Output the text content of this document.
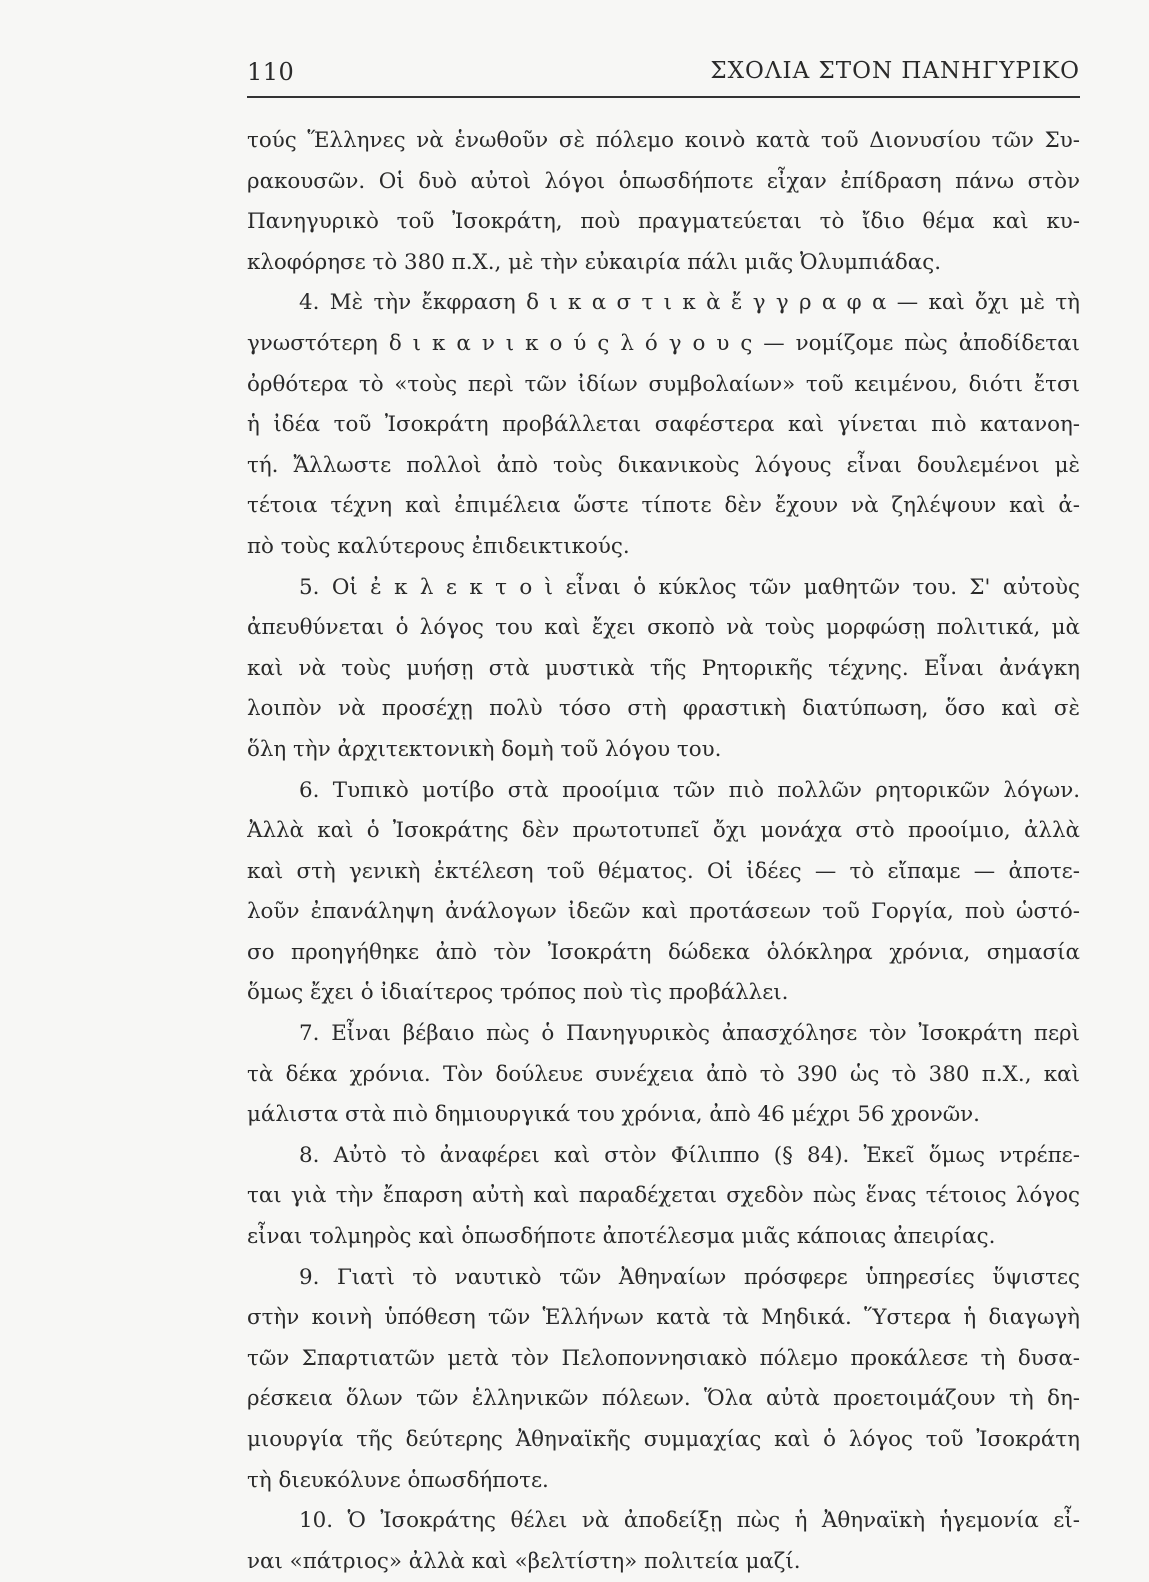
110	ΣΧΟΛΙΑ ΣΤΟΝ ΠΑΝΗΓΥΡΙΚΟ
τούς Ἕλληνες νὰ ἑνωθοῦν σὲ πόλεμο κοινὸ κατὰ τοῦ Διονυσίου τῶν Συ-
ρακουσῶν. Οἱ δυὸ αὐτοὶ λόγοι ὁπωσδήποτε εἶχαν ἐπίδραση πάνω στὸν
Πανηγυρικὸ τοῦ Ἰσοκράτη, ποὺ πραγματεύεται τὸ ἴδιο θέμα καὶ κυ-
κλοφόρησε τὸ 380 π.Χ., μὲ τὴν εὐκαιρία πάλι μιᾶς Ὀλυμπιάδας.
4. Μὲ τὴν ἔκφραση δ ι κ α σ τ ι κ ὰ ἔ γ γ ρ α φ α — καὶ ὄχι μὲ τὴ
γνωστότερη δ ι κ α ν ι κ ο ύ ς λ ό γ ο υ ς — νομίζομε πὼς ἀποδίδεται
ὀρθότερα τὸ «τοὺς περὶ τῶν ἰδίων συμβολαίων» τοῦ κειμένου, διότι ἔτσι
ἡ ἰδέα τοῦ Ἰσοκράτη προβάλλεται σαφέστερα καὶ γίνεται πιὸ κατανοη-
τή. Ἄλλωστε πολλοὶ ἀπὸ τοὺς δικανικοὺς λόγους εἶναι δουλεμένοι μὲ
τέτοια τέχνη καὶ ἐπιμέλεια ὥστε τίποτε δὲν ἔχουν νὰ ζηλέψουν καὶ ἀ-
πὸ τοὺς καλύτερους ἐπιδεικτικούς.
5. Οἱ ἐ κ λ ε κ τ ο ὶ εἶναι ὁ κύκλος τῶν μαθητῶν του. Σ' αὐτοὺς
ἀπευθύνεται ὁ λόγος του καὶ ἔχει σκοπὸ νὰ τοὺς μορφώσῃ πολιτικά, μὰ
καὶ νὰ τοὺς μυήσῃ στὰ μυστικὰ τῆς Ρητορικῆς τέχνης. Εἶναι ἀνάγκη
λοιπὸν νὰ προσέχῃ πολὺ τόσο στὴ φραστικὴ διατύπωση, ὅσο καὶ σὲ
ὅλη τὴν ἀρχιτεκτονικὴ δομὴ τοῦ λόγου του.
6. Τυπικὸ μοτίβο στὰ προοίμια τῶν πιὸ πολλῶν ρητορικῶν λόγων.
Ἀλλὰ καὶ ὁ Ἰσοκράτης δὲν πρωτοτυπεῖ ὄχι μονάχα στὸ προοίμιο, ἀλλὰ
καὶ στὴ γενικὴ ἐκτέλεση τοῦ θέματος. Οἱ ἰδέες — τὸ εἴπαμε — ἀποτε-
λοῦν ἐπανάληψη ἀνάλογων ἰδεῶν καὶ προτάσεων τοῦ Γοργία, ποὺ ὡστό-
σο προηγήθηκε ἀπὸ τὸν Ἰσοκράτη δώδεκα ὁλόκληρα χρόνια, σημασία
ὅμως ἔχει ὁ ἰδιαίτερος τρόπος ποὺ τὶς προβάλλει.
7. Εἶναι βέβαιο πὼς ὁ Πανηγυρικὸς ἀπασχόλησε τὸν Ἰσοκράτη περὶ
τὰ δέκα χρόνια. Τὸν δούλευε συνέχεια ἀπὸ τὸ 390 ὡς τὸ 380 π.Χ., καὶ
μάλιστα στὰ πιὸ δημιουργικά του χρόνια, ἀπὸ 46 μέχρι 56 χρονῶν.
8. Αὐτὸ τὸ ἀναφέρει καὶ στὸν Φίλιππο (§ 84). Ἐκεῖ ὅμως ντρέπε-
ται γιὰ τὴν ἔπαρση αὐτὴ καὶ παραδέχεται σχεδὸν πὼς ἕνας τέτοιος λόγος
εἶναι τολμηρὸς καὶ ὁπωσδήποτε ἀποτέλεσμα μιᾶς κάποιας ἀπειρίας.
9. Γιατὶ τὸ ναυτικὸ τῶν Ἀθηναίων πρόσφερε ὑπηρεσίες ὕψιστες
στὴν κοινὴ ὑπόθεση τῶν Ἑλλήνων κατὰ τὰ Μηδικά. Ὕστερα ἡ διαγωγὴ
τῶν Σπαρτιατῶν μετὰ τὸν Πελοποννησιακὸ πόλεμο προκάλεσε τὴ δυσα-
ρέσκεια ὅλων τῶν ἑλληνικῶν πόλεων. Ὅλα αὐτὰ προετοιμάζουν τὴ δη-
μιουργία τῆς δεύτερης Ἀθηναϊκῆς συμμαχίας καὶ ὁ λόγος τοῦ Ἰσοκράτη
τὴ διευκόλυνε ὁπωσδήποτε.
10. Ὁ Ἰσοκράτης θέλει νὰ ἀποδείξῃ πὼς ἡ Ἀθηναϊκὴ ἡγεμονία εἶ-
ναι «πάτριος» ἀλλὰ καὶ «βελτίστη» πολιτεία μαζί.
